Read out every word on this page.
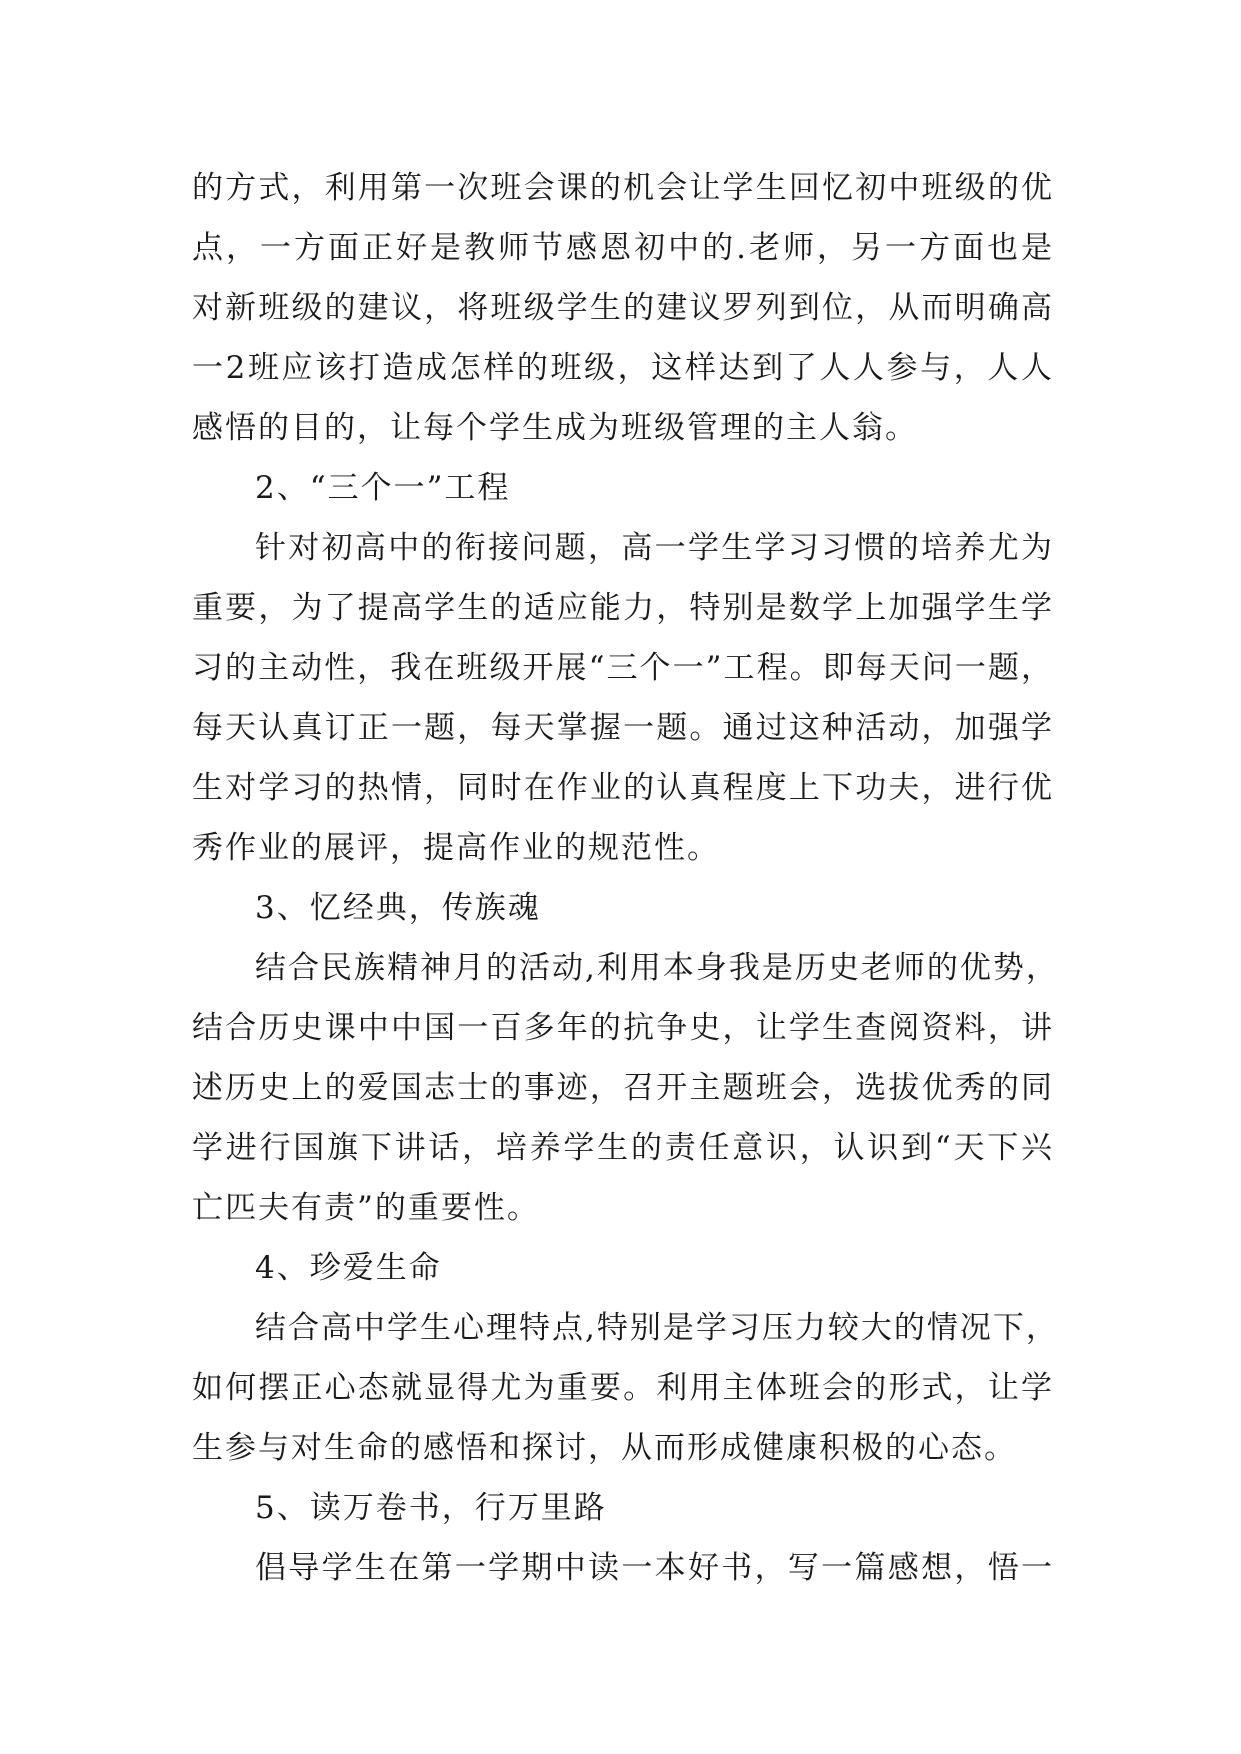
的方式，利用第一次班会课的机会让学生回忆初中班级的优
点，一方面正好是教师节感恩初中的.老师，另一方面也是
对新班级的建议，将班级学生的建议罗列到位，从而明确高
一2班应该打造成怎样的班级，这样达到了人人参与，人人
感悟的目的，让每个学生成为班级管理的主人翁。
2、“三个一”工程
针对初高中的衔接问题，高一学生学习习惯的培养尤为
重要，为了提高学生的适应能力，特别是数学上加强学生学
习的主动性，我在班级开展“三个一”工程。即每天问一题，
每天认真订正一题，每天掌握一题。通过这种活动，加强学
生对学习的热情，同时在作业的认真程度上下功夫，进行优
秀作业的展评，提高作业的规范性。
3、忆经典，传族魂
结合民族精神月的活动,利用本身我是历史老师的优势，
结合历史课中中国一百多年的抗争史，让学生查阅资料，讲
述历史上的爱国志士的事迹，召开主题班会，选拔优秀的同
学进行国旗下讲话，培养学生的责任意识，认识到“天下兴
亡匹夫有责”的重要性。
4、珍爱生命
结合高中学生心理特点,特别是学习压力较大的情况下，
如何摆正心态就显得尤为重要。利用主体班会的形式，让学
生参与对生命的感悟和探讨，从而形成健康积极的心态。
5、读万卷书，行万里路
倡导学生在第一学期中读一本好书，写一篇感想，悟一
